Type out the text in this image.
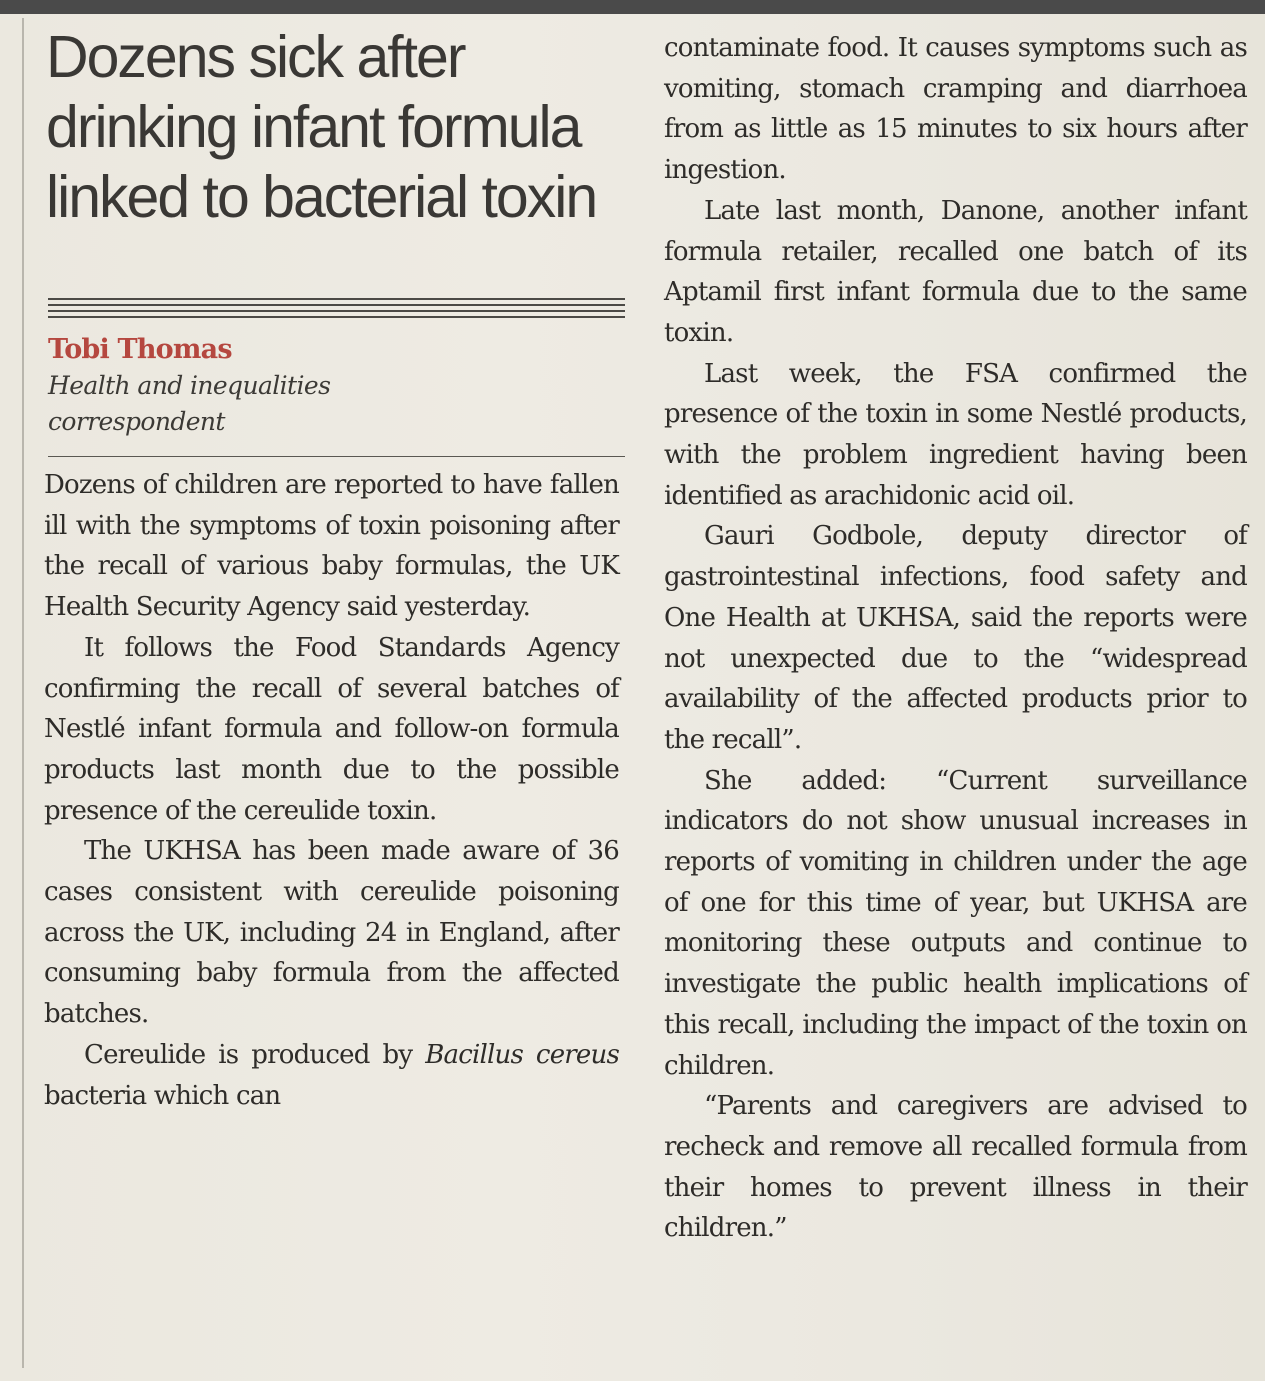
Dozens sick after drinking infant formula linked to bacterial toxin
Tobi Thomas
Health and inequalities
correspondent

Dozens of children are reported to have fallen ill with the symptoms of toxin poisoning after the recall of various baby formulas, the UK Health Security Agency said yesterday.

It follows the Food Standards Agency confirming the recall of several batches of Nestlé infant formula and follow-on formula products last month due to the possible presence of the cereulide toxin.

The UKHSA has been made aware of 36 cases consistent with cereulide poisoning across the UK, including 24 in England, after consuming baby formula from the affected batches.

Cereulide is produced by Bacillus cereus bacteria which can

contaminate food. It causes symptoms such as vomiting, stomach cramping and diarrhoea from as little as 15 minutes to six hours after ingestion.

Late last month, Danone, another infant formula retailer, recalled one batch of its Aptamil first infant formula due to the same toxin.

Last week, the FSA confirmed the presence of the toxin in some Nestlé products, with the problem ingredient having been identified as arachidonic acid oil.

Gauri Godbole, deputy director of gastrointestinal infections, food safety and One Health at UKHSA, said the reports were not unexpected due to the “widespread availability of the affected products prior to the recall”.

She added: “Current surveillance indicators do not show unusual increases in reports of vomiting in children under the age of one for this time of year, but UKHSA are monitoring these outputs and continue to investigate the public health implications of this recall, including the impact of the toxin on children.

“Parents and caregivers are advised to recheck and remove all recalled formula from their homes to prevent illness in their children.”
